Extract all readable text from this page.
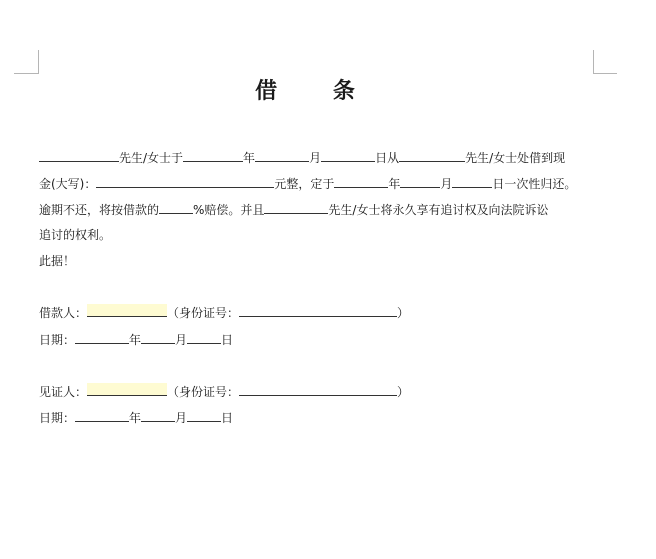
借 条
先生/女士于	年	月	日从	先生/女士处借到现
金(大写)：	元整，定于	年	月	日一次性归还。
逾期不还，将按借款的	%赔偿。并且	先生/女士将永久享有追讨权及向法院诉讼
追讨的权利。
此据！
借款人：	（身份证号：	）
日期：	年	月	日
见证人：	（身份证号：	）
日期：	年	月	日
